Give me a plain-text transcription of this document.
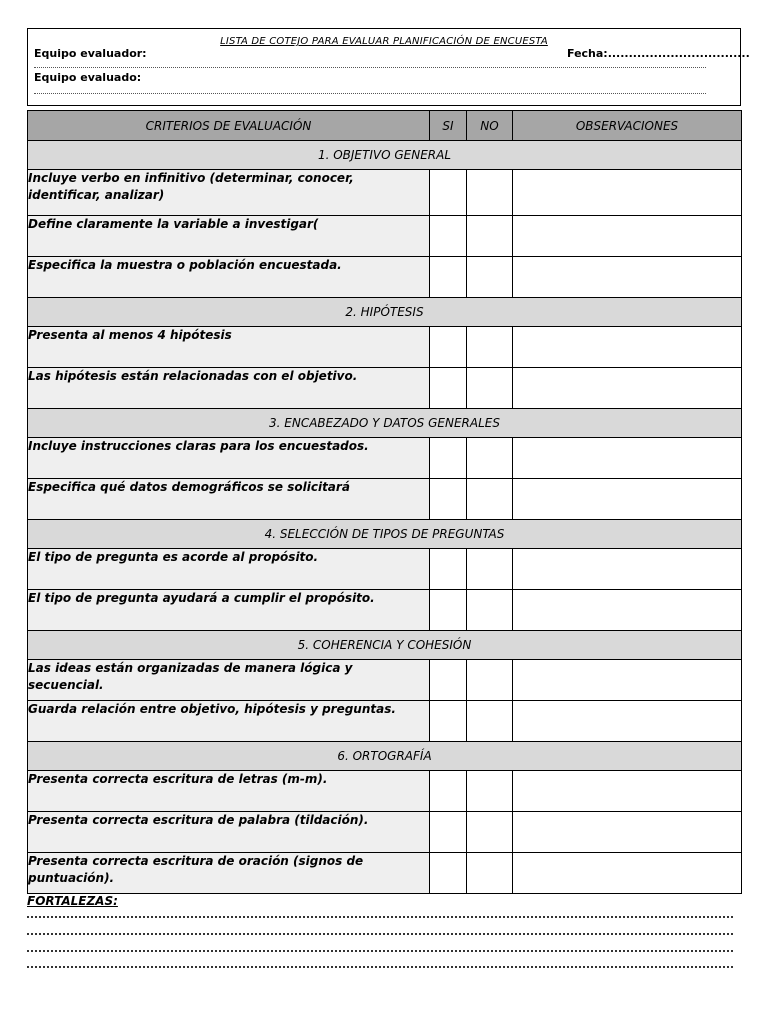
LISTA DE COTEJO PARA EVALUAR PLANIFICACIÓN DE ENCUESTA
Equipo evaluador:	Fecha:..................................
Equipo evaluado:
CRITERIOS DE EVALUACIÓN	SI	NO	OBSERVACIONES
1. OBJETIVO GENERAL			
Incluye verbo en infinitivo (determinar, conocer, identificar, analizar)			
Define claramente la variable a investigar(			
Especifica la muestra o población encuestada.			
2. HIPÓTESIS			
Presenta al menos 4 hipótesis			
Las hipótesis están relacionadas con el objetivo.			
3. ENCABEZADO Y DATOS GENERALES			
Incluye instrucciones claras para los encuestados.			
Especifica qué datos demográficos se solicitará			
4. SELECCIÓN DE TIPOS DE PREGUNTAS			
El tipo de pregunta es acorde al propósito.			
El tipo de pregunta ayudará a cumplir el propósito.			
5. COHERENCIA Y COHESIÓN			
Las ideas están organizadas de manera lógica y secuencial.			
Guarda relación entre objetivo, hipótesis y preguntas.			
6. ORTOGRAFÍA			
Presenta correcta escritura de letras (m-m).			
Presenta correcta escritura de palabra (tildación).			
Presenta correcta escritura de oración (signos de puntuación).			
FORTALEZAS:
